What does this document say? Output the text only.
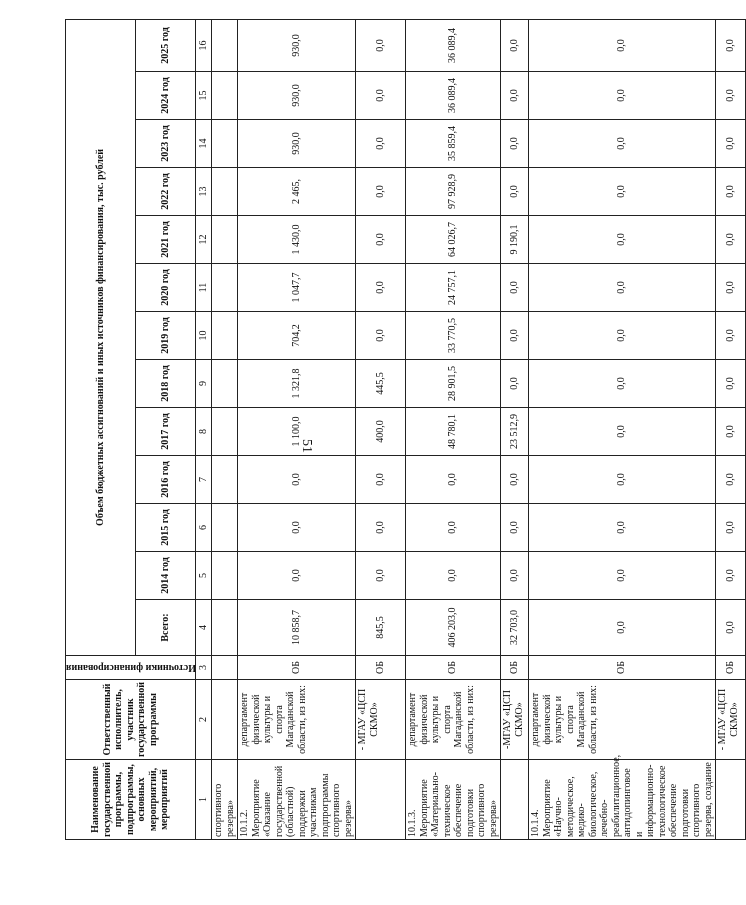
51
Наименование государственной программы, подпрограммы, основных мероприятий, мероприятий	Ответственный исполнитель, участник государственной программы	Источники финансирования	Объем бюджетных ассигнований и иных источников финансирования, тыс. рублей												
			Всего:	2014 год	2015 год	2016 год	2017 год	2018 год	2019 год	2020 год	2021 год	2022 год	2023 год	2024 год	2025 год
1	2	3	4	5	6	7	8	9	10	11	12	13	14	15	16
спортивного резерва»															
10.1.2. Мероприятие «Оказание государственной (областной) поддержки участникам подпрограммы спортивного резерва»	департамент физической культуры и спорта Магаданской области, из них:	ОБ	10 858,7	0,0	0,0	0,0	1 100,0	1 321,8	704,2	1 047,7	1 430,0	2 465,	930,0	930,0	930,0
	- МГАУ «ЦСП СКМО»	ОБ	845,5	0,0	0,0	0,0	400,0	445,5	0,0	0,0	0,0	0,0	0,0	0,0	0,0
10.1.3. Мероприятие «Материально-техническое обеспечение подготовки спортивного резерва»	департамент физической культуры и спорта Магаданской области, из них:	ОБ	406 203,0	0,0	0,0	0,0	48 780,1	28 901,5	33 770,5	24 757,1	64 026,7	97 928,9	35 859,4	36 089,4	36 089,4
	-МГАУ «ЦСП СКМО»	ОБ	32 703,0	0,0	0,0	0,0	23 512,9	0,0	0,0	0,0	9 190,1	0,0	0,0	0,0	0,0
10.1.4. Мероприятие «Научно-методическое, медико-биологическое, лечебно-реабилитационное, антидопинговое и информационно-технологическое обеспечение подготовки спортивного резерва, создание	департамент физической культуры и спорта Магаданской области, из них:	ОБ	0,0	0,0	0,0	0,0	0,0	0,0	0,0	0,0	0,0	0,0	0,0	0,0	0,0
	- МГАУ «ЦСП СКМО»	ОБ	0,0	0,0	0,0	0,0	0,0	0,0	0,0	0,0	0,0	0,0	0,0	0,0	0,0
